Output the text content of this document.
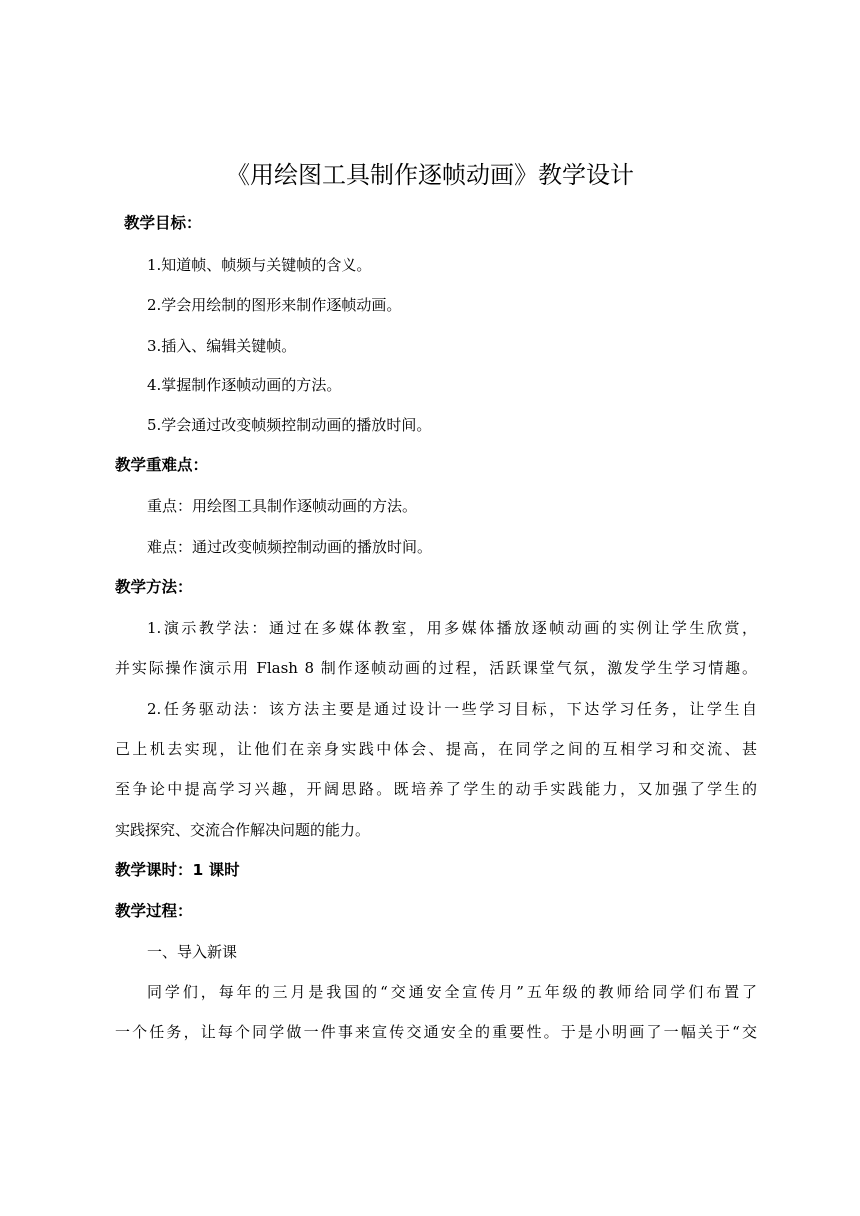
《用绘图工具制作逐帧动画》教学设计
教学目标：
1.知道帧、帧频与关键帧的含义。
2.学会用绘制的图形来制作逐帧动画。
3.插入、编辑关键帧。
4.掌握制作逐帧动画的方法。
5.学会通过改变帧频控制动画的播放时间。
教学重难点：
重点：用绘图工具制作逐帧动画的方法。
难点：通过改变帧频控制动画的播放时间。
教学方法：
1.演示教学法：通过在多媒体教室，用多媒体播放逐帧动画的实例让学生欣赏，
并实际操作演示用 Flash 8 制作逐帧动画的过程，活跃课堂气氛，激发学生学习情趣。
2.任务驱动法：该方法主要是通过设计一些学习目标，下达学习任务，让学生自
己上机去实现，让他们在亲身实践中体会、提高，在同学之间的互相学习和交流、甚
至争论中提高学习兴趣，开阔思路。既培养了学生的动手实践能力，又加强了学生的
实践探究、交流合作解决问题的能力。
教学课时：1 课时
教学过程：
一、导入新课
同学们，每年的三月是我国的“交通安全宣传月”五年级的教师给同学们布置了
一个任务，让每个同学做一件事来宣传交通安全的重要性。于是小明画了一幅关于“交
